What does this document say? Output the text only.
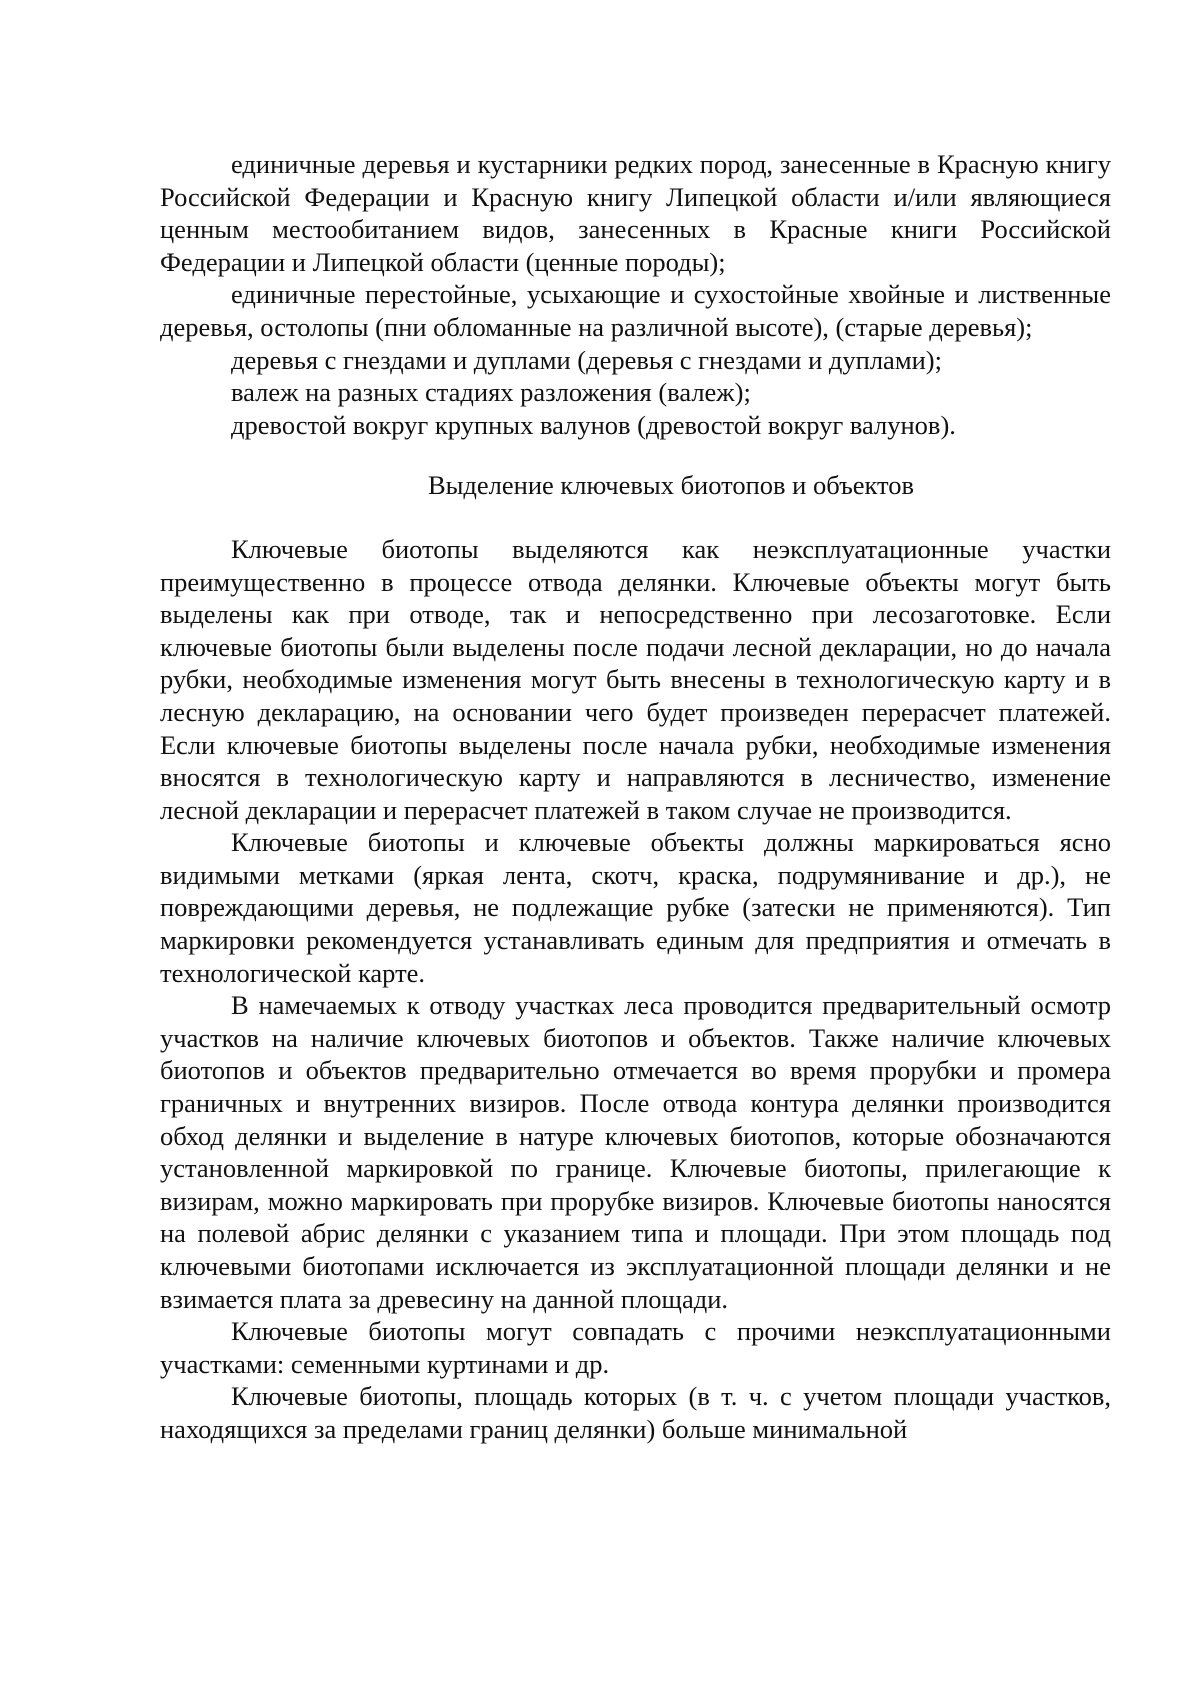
единичные деревья и кустарники редких пород, занесенные в Красную книгу Российской Федерации и Красную книгу Липецкой области и/или являющиеся ценным местообитанием видов, занесенных в Красные книги Российской Федерации и Липецкой области (ценные породы);

единичные перестойные, усыхающие и сухостойные хвойные и лиственные деревья, остолопы (пни обломанные на различной высоте), (старые деревья);

деревья с гнездами и дуплами (деревья с гнездами и дуплами);

валеж на разных стадиях разложения (валеж);

древостой вокруг крупных валунов (древостой вокруг валунов).

Выделение ключевых биотопов и объектов

Ключевые биотопы выделяются как неэксплуатационные участки преимущественно в процессе отвода делянки. Ключевые объекты могут быть выделены как при отводе, так и непосредственно при лесозаготовке. Если ключевые биотопы были выделены после подачи лесной декларации, но до начала рубки, необходимые изменения могут быть внесены в технологическую карту и в лесную декларацию, на основании чего будет произведен перерасчет платежей. Если ключевые биотопы выделены после начала рубки, необходимые изменения вносятся в технологическую карту и направляются в лесничество, изменение лесной декларации и перерасчет платежей в таком случае не производится.

Ключевые биотопы и ключевые объекты должны маркироваться ясно видимыми метками (яркая лента, скотч, краска, подрумянивание и др.), не повреждающими деревья, не подлежащие рубке (затески не применяются). Тип маркировки рекомендуется устанавливать единым для предприятия и отмечать в технологической карте.

В намечаемых к отводу участках леса проводится предварительный осмотр участков на наличие ключевых биотопов и объектов. Также наличие ключевых биотопов и объектов предварительно отмечается во время прорубки и промера граничных и внутренних визиров. После отвода контура делянки производится обход делянки и выделение в натуре ключевых биотопов, которые обозначаются установленной маркировкой по границе. Ключевые биотопы, прилегающие к визирам, можно маркировать при прорубке визиров. Ключевые биотопы наносятся на полевой абрис делянки с указанием типа и площади. При этом площадь под ключевыми биотопами исключается из эксплуатационной площади делянки и не взимается плата за древесину на данной площади.

Ключевые биотопы могут совпадать с прочими неэксплуатационными участками: семенными куртинами и др.

Ключевые биотопы, площадь которых (в т. ч. с учетом площади участков, находящихся за пределами границ делянки) больше минимальной
